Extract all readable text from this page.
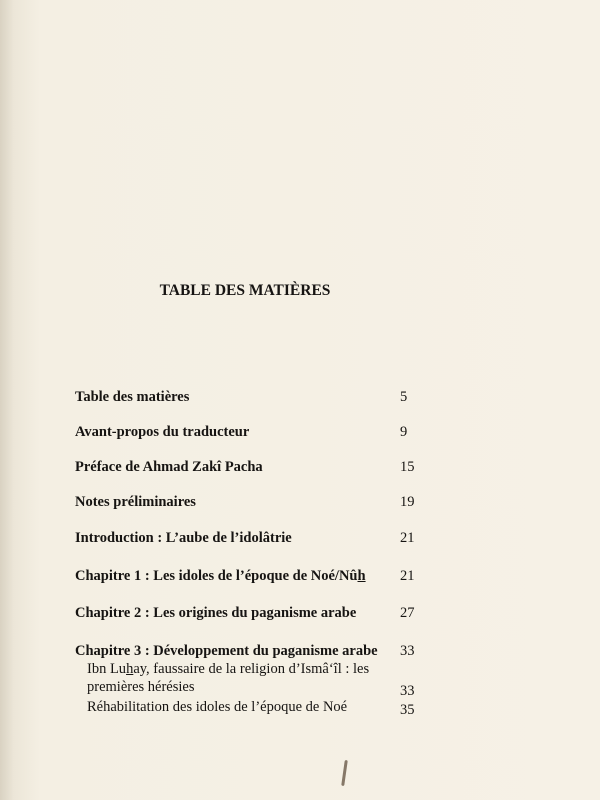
TABLE DES MATIÈRES
Table des matières	5
Avant-propos du traducteur	9
Préface de Ahmad Zakî Pacha	15
Notes préliminaires	19
Introduction : L’aube de l’idolâtrie	21
Chapitre 1 : Les idoles de l’époque de Noé/Nûh 21
Chapitre 2 : Les origines du paganisme arabe	27
Chapitre 3 : Développement du paganisme arabe 33
Ibn Luhay, faussaire de la religion d’Ismâ‘îl : les
premières hérésies	33
Réhabilitation des idoles de l’époque de Noé	35
